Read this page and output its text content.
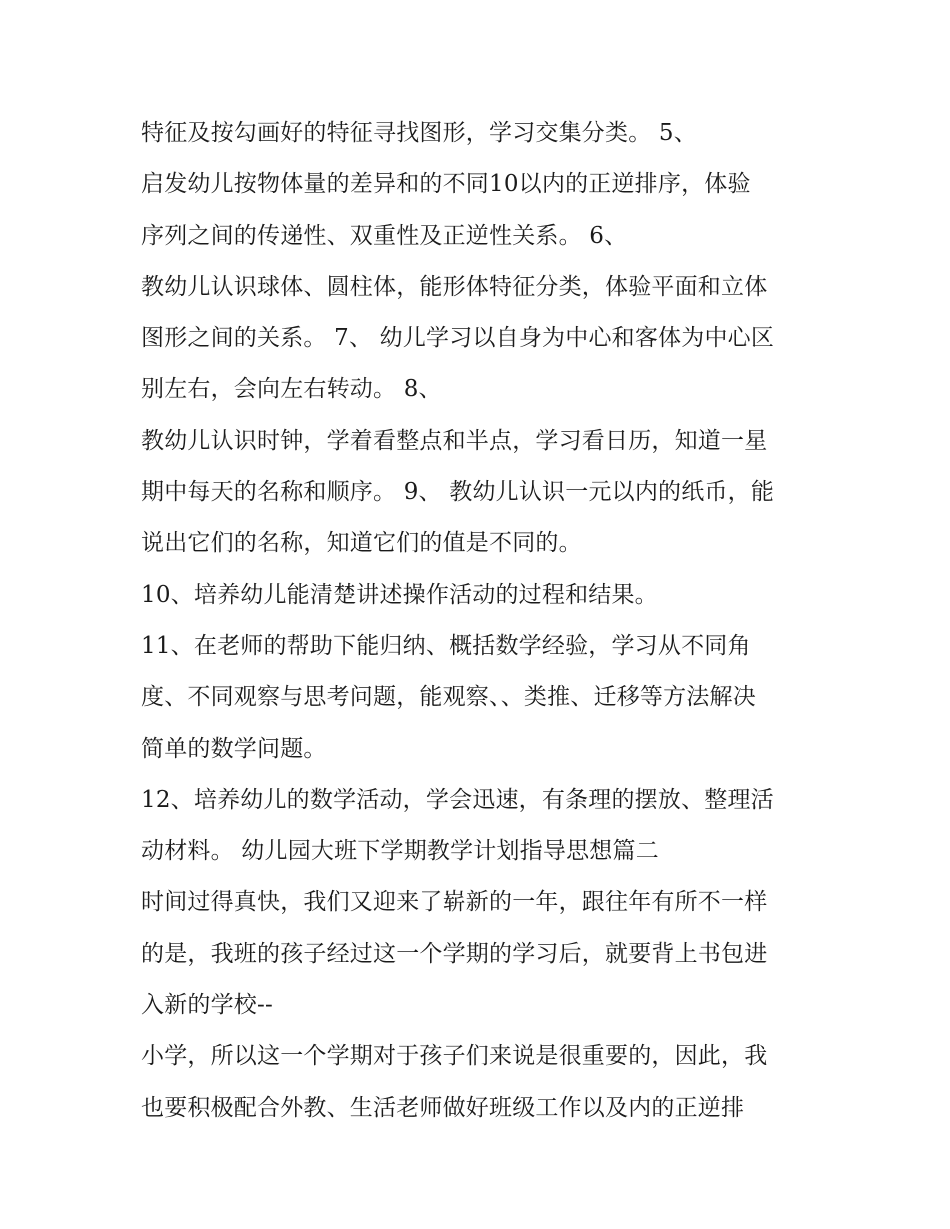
特征及按勾画好的特征寻找图形，学习交集分类。 5、
启发幼儿按物体量的差异和的不同10以内的正逆排序，体验
序列之间的传递性、双重性及正逆性关系。 6、
教幼儿认识球体、圆柱体，能形体特征分类，体验平面和立体
图形之间的关系。 7、 幼儿学习以自身为中心和客体为中心区
别左右，会向左右转动。 8、
教幼儿认识时钟，学着看整点和半点，学习看日历，知道一星
期中每天的名称和顺序。 9、 教幼儿认识一元以内的纸币，能
说出它们的名称，知道它们的值是不同的。
10、培养幼儿能清楚讲述操作活动的过程和结果。
11、在老师的帮助下能归纳、概括数学经验，学习从不同角
度、不同观察与思考问题，能观察、、类推、迁移等方法解决
简单的数学问题。
12、培养幼儿的数学活动，学会迅速，有条理的摆放、整理活
动材料。 幼儿园大班下学期教学计划指导思想篇二
时间过得真快，我们又迎来了崭新的一年，跟往年有所不一样
的是，我班的孩子经过这一个学期的学习后，就要背上书包进
入新的学校--
小学，所以这一个学期对于孩子们来说是很重要的，因此，我
也要积极配合外教、生活老师做好班级工作以及内的正逆排
